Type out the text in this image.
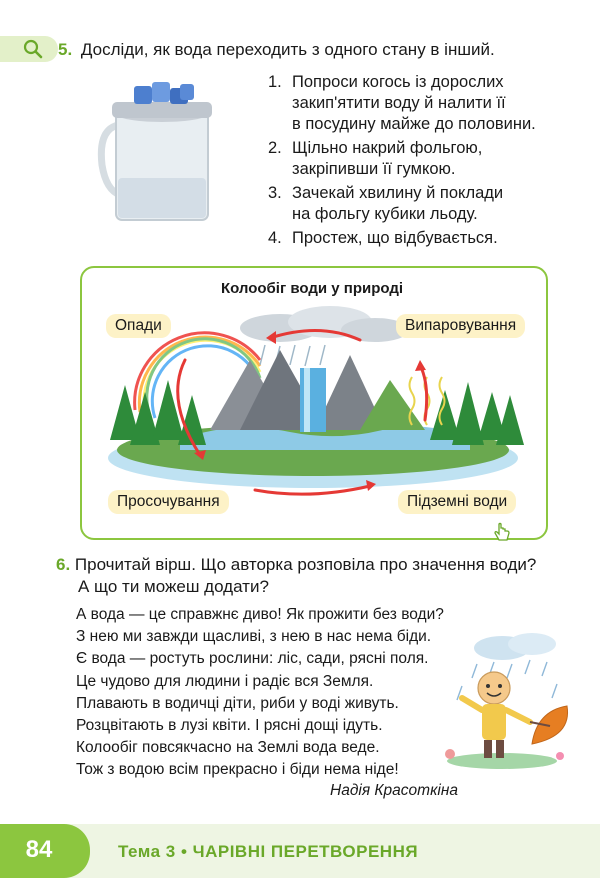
5. Досліди, як вода переходить з одного стану в інший.
1. Попроси когось із дорослих
закип'ятити воду й налити її
в посудину майже до половини.
2. Щільно накрий фольгою,
закріпивши її гумкою.
3. Зачекай хвилину й поклади
на фольгу кубики льоду.
4. Простеж, що відбувається.
Колообіг води у природі
Опади	Випаровування
Просочування	Підземні води
6. Прочитай вірш. Що авторка розповіла про значення води?
А що ти можеш додати?
А вода — це справжнє диво! Як прожити без води?
З нею ми завжди щасливі, з нею в нас нема біди.
Є вода — ростуть рослини: ліс, сади, рясні поля.
Це чудово для людини і радіє вся Земля.
Плавають в водичці діти, риби у воді живуть.
Розцвітають в лузі квіти. І рясні дощі ідуть.
Колообіг повсякчасно на Землі вода веде.
Тож з водою всім прекрасно і біди нема ніде!
Надія Красоткіна
84	Тема 3 • ЧАРІВНІ ПЕРЕТВОРЕННЯ
